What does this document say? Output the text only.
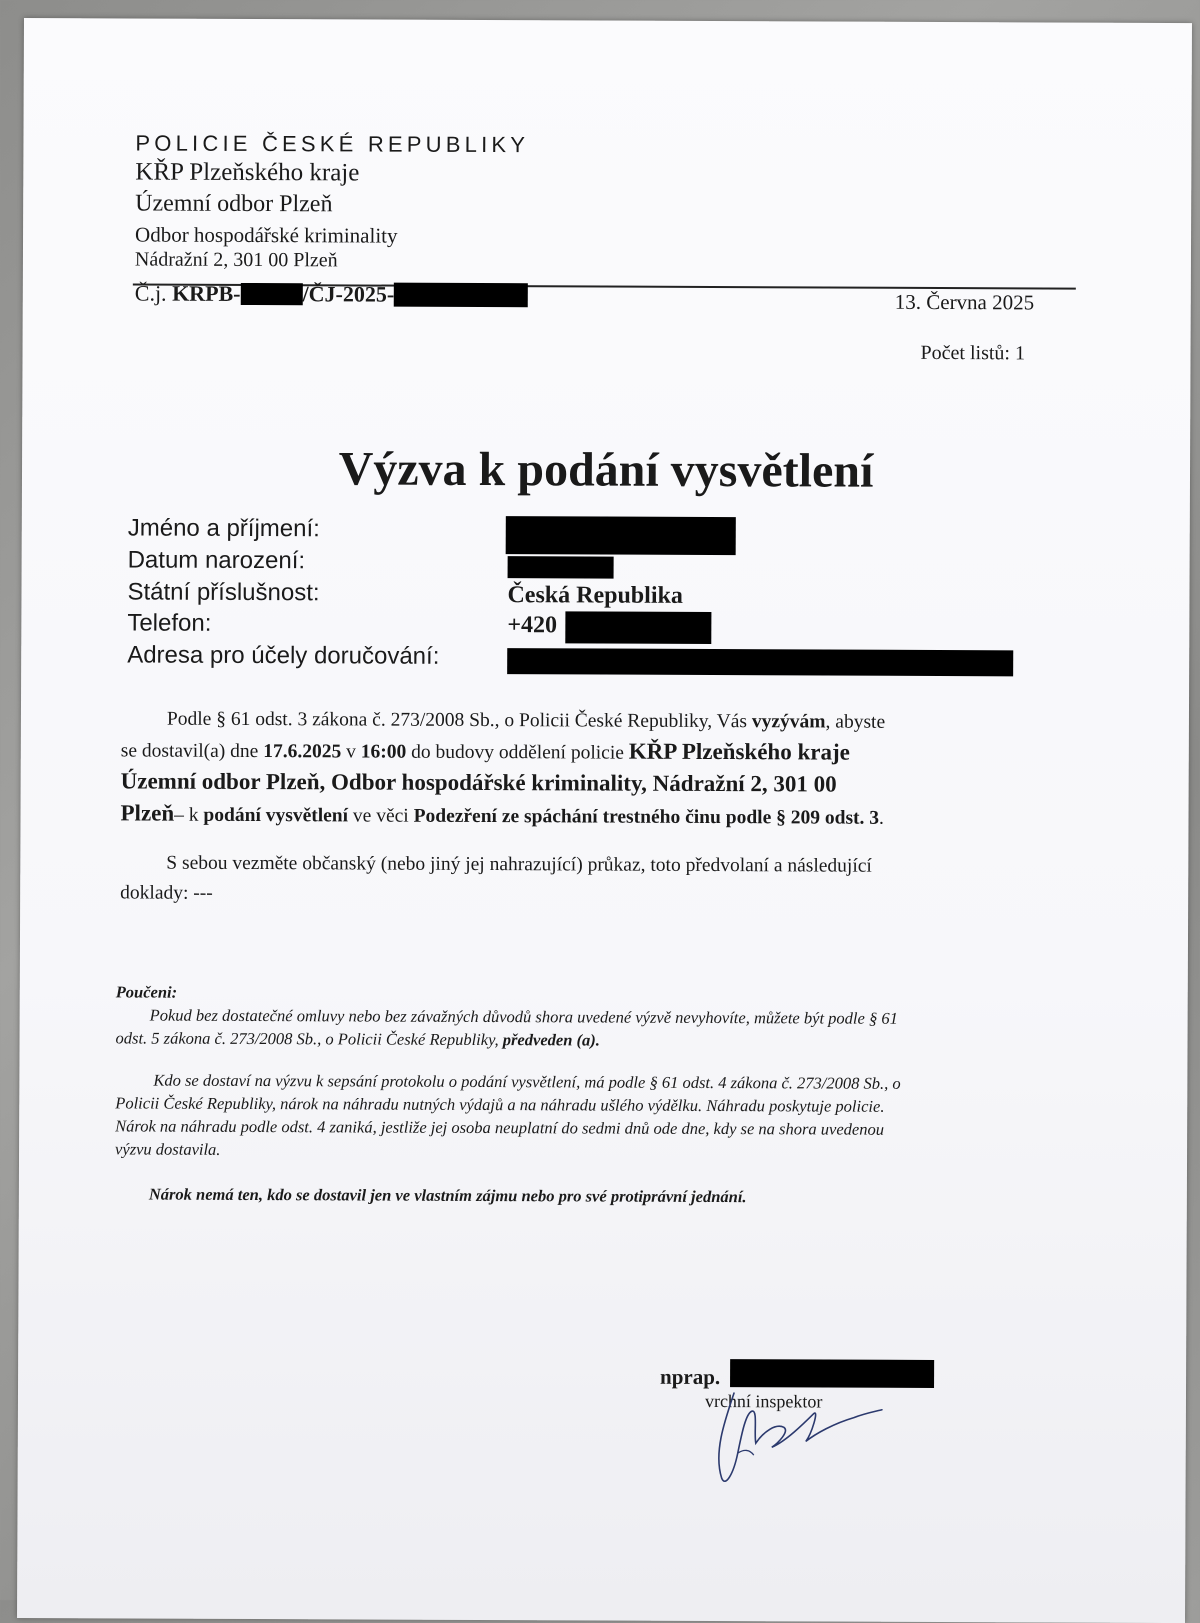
POLICIE ČESKÉ REPUBLIKY
KŘP Plzeňského kraje
Územní odbor Plzeň
Odbor hospodářské kriminality
Nádražní 2, 301 00 Plzeň
Č.j. KRPB-	/ČJ-2025-	13. Června 2025
Počet listů: 1
Výzva k podání vysvětlení
Jméno a příjmení:
Datum narození:
Státní příslušnost:	Česká Republika
Telefon:	+420
Adresa pro účely doručování:
Podle § 61 odst. 3 zákona č. 273/2008 Sb., o Policii České Republiky, Vás vyzývám, abyste
se dostavil(a) dne 17.6.2025 v 16:00 do budovy oddělení policie KŘP Plzeňského kraje
Územní odbor Plzeň, Odbor hospodářské kriminality, Nádražní 2, 301 00
Plzeň– k podání vysvětlení ve věci Podezření ze spáchání trestného činu podle § 209 odst. 3.
S sebou vezměte občanský (nebo jiný jej nahrazující) průkaz, toto předvolaní a následující
doklady: ---
Poučeni:
Pokud bez dostatečné omluvy nebo bez závažných důvodů shora uvedené výzvě nevyhovíte, můžete být podle § 61
odst. 5 zákona č. 273/2008 Sb., o Policii České Republiky, předveden (a).
Kdo se dostaví na výzvu k sepsání protokolu o podání vysvětlení, má podle § 61 odst. 4 zákona č. 273/2008 Sb., o
Policii České Republiky, nárok na náhradu nutných výdajů a na náhradu ušlého výdělku. Náhradu poskytuje policie.
Nárok na náhradu podle odst. 4 zaniká, jestliže jej osoba neuplatní do sedmi dnů ode dne, kdy se na shora uvedenou
výzvu dostavila.
Nárok nemá ten, kdo se dostavil jen ve vlastním zájmu nebo pro své protiprávní jednání.
nprap.
vrchní inspektor
